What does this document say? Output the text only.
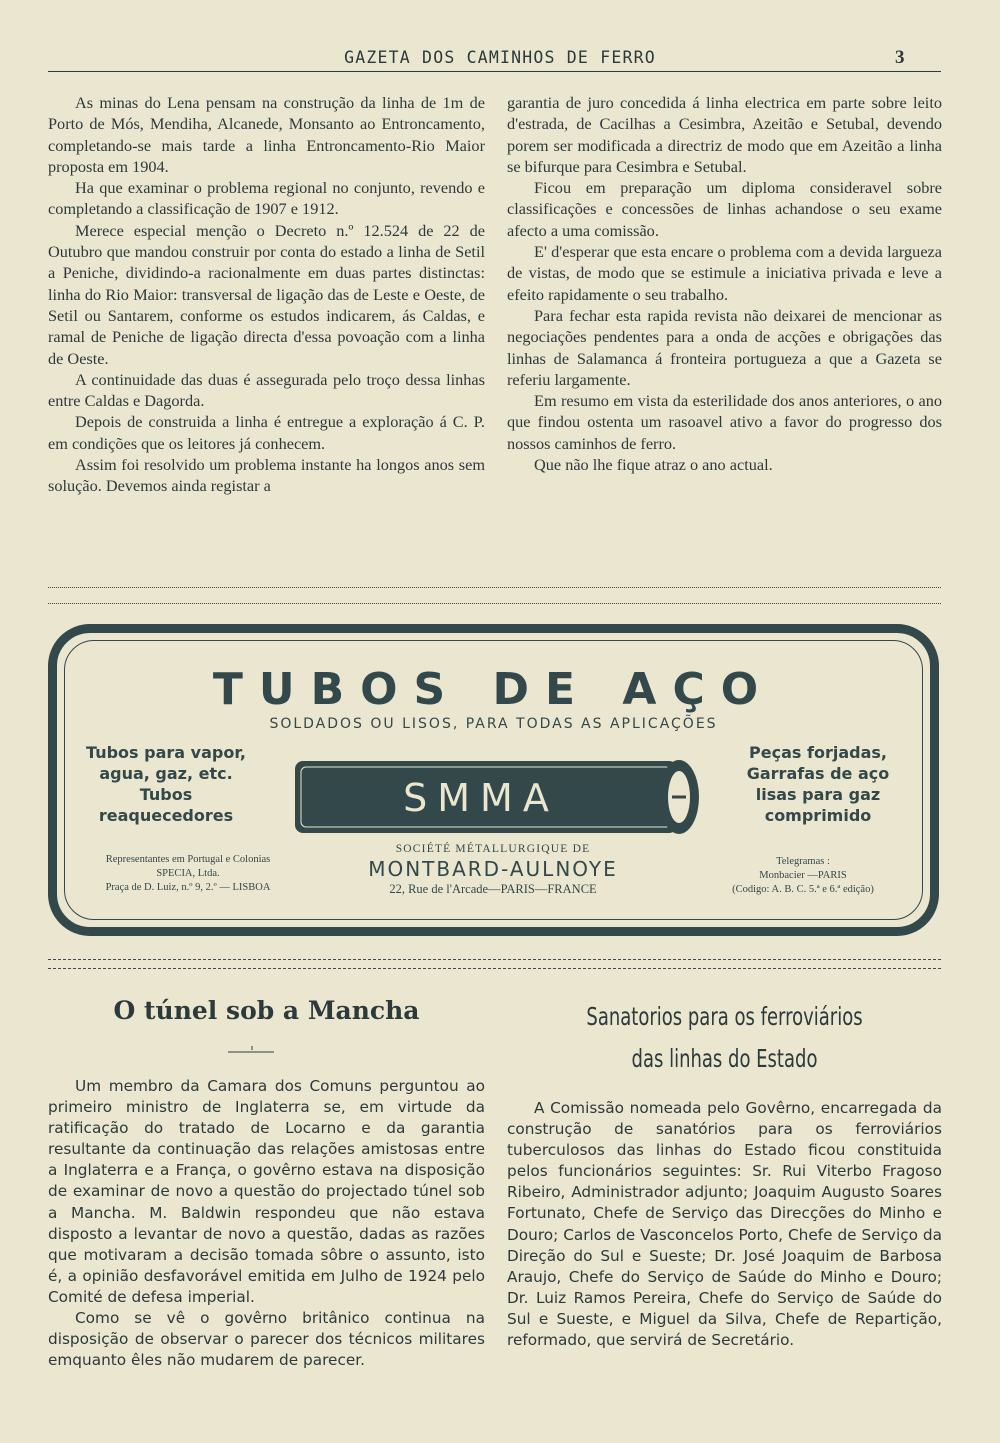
GAZETA DOS CAMINHOS DE FERRO	3

As minas do Lena pensam na construção da linha de 1m de Porto de Mós, Mendiha, Alcanede, Monsanto ao Entroncamento, completando-se mais tarde a linha Entroncamento-Rio Maior proposta em 1904.

Ha que examinar o problema regional no conjunto, revendo e completando a classificação de 1907 e 1912.

Merece especial menção o Decreto n.º 12.524 de 22 de Outubro que mandou construir por conta do estado a linha de Setil a Peniche, dividindo-a racionalmente em duas partes distinctas: linha do Rio Maior: transversal de ligação das de Leste e Oeste, de Setil ou Santarem, conforme os estudos indicarem, ás Caldas, e ramal de Peniche de ligação directa d'essa povoação com a linha de Oeste.

A continuidade das duas é assegurada pelo troço dessa linhas entre Caldas e Dagorda.

Depois de construida a linha é entregue a exploração á C. P. em condições que os leitores já conhecem.

Assim foi resolvido um problema instante ha longos anos sem solução. Devemos ainda registar a

garantia de juro concedida á linha electrica em parte sobre leito d'estrada, de Cacilhas a Cesimbra, Azeitão e Setubal, devendo porem ser modificada a directriz de modo que em Azeitão a linha se bifurque para Cesimbra e Setubal.

Ficou em preparação um diploma consideravel sobre classificações e concessões de linhas achandose o seu exame afecto a uma comissão.

E' d'esperar que esta encare o problema com a devida largueza de vistas, de modo que se estimule a iniciativa privada e leve a efeito rapidamente o seu trabalho.

Para fechar esta rapida revista não deixarei de mencionar as negociações pendentes para a onda de acções e obrigações das linhas de Salamanca á fronteira portugueza a que a Gazeta se referiu largamente.

Em resumo em vista da esterilidade dos anos anteriores, o ano que findou ostenta um rasoavel ativo a favor do progresso dos nossos caminhos de ferro.

Que não lhe fique atraz o ano actual.

TUBOS DE AÇO
SOLDADOS OU LISOS, PARA TODAS AS APLICAÇÕES
Tubos para vapor,
agua, gaz, etc.
Tubos
reaquecedores
Peças forjadas,
Garrafas de aço
lisas para gaz
comprimido
SMMA
Representantes em Portugal e Colonias
SPECIA, Ltda.
Praça de D. Luiz, n.º 9, 2.º — LISBOA
SOCIÉTÉ MÉTALLURGIQUE DE
MONTBARD-AULNOYE
22, Rue de l'Arcade—PARIS—FRANCE
Telegramas :
Monbacier —PARIS
(Codigo: A. B. C. 5.ª e 6.ª edição)
O túnel sob a Mancha

Um membro da Camara dos Comuns perguntou ao primeiro ministro de Inglaterra se, em virtude da ratificação do tratado de Locarno e da garantia resultante da continuação das relações amistosas entre a Inglaterra e a França, o govêrno estava na disposição de examinar de novo a questão do projectado túnel sob a Mancha. M. Baldwin respondeu que não estava disposto a levantar de novo a questão, dadas as razões que motivaram a decisão tomada sôbre o assunto, isto é, a opinião desfavorável emitida em Julho de 1924 pelo Comité de defesa imperial.

Como se vê o govêrno britânico continua na disposição de observar o parecer dos técnicos militares emquanto êles não mudarem de parecer.

Sanatorios para os ferroviários das linhas do Estado

A Comissão nomeada pelo Govêrno, encarregada da construção de sanatórios para os ferroviários tuberculosos das linhas do Estado ficou constituida pelos funcionários seguintes: Sr. Rui Viterbo Fragoso Ribeiro, Administrador adjunto; Joaquim Augusto Soares Fortunato, Chefe de Serviço das Direcções do Minho e Douro; Carlos de Vasconcelos Porto, Chefe de Serviço da Direção do Sul e Sueste; Dr. José Joaquim de Barbosa Araujo, Chefe do Serviço de Saúde do Minho e Douro; Dr. Luiz Ramos Pereira, Chefe do Serviço de Saúde do Sul e Sueste, e Miguel da Silva, Chefe de Repartição, reformado, que servirá de Secretário.
